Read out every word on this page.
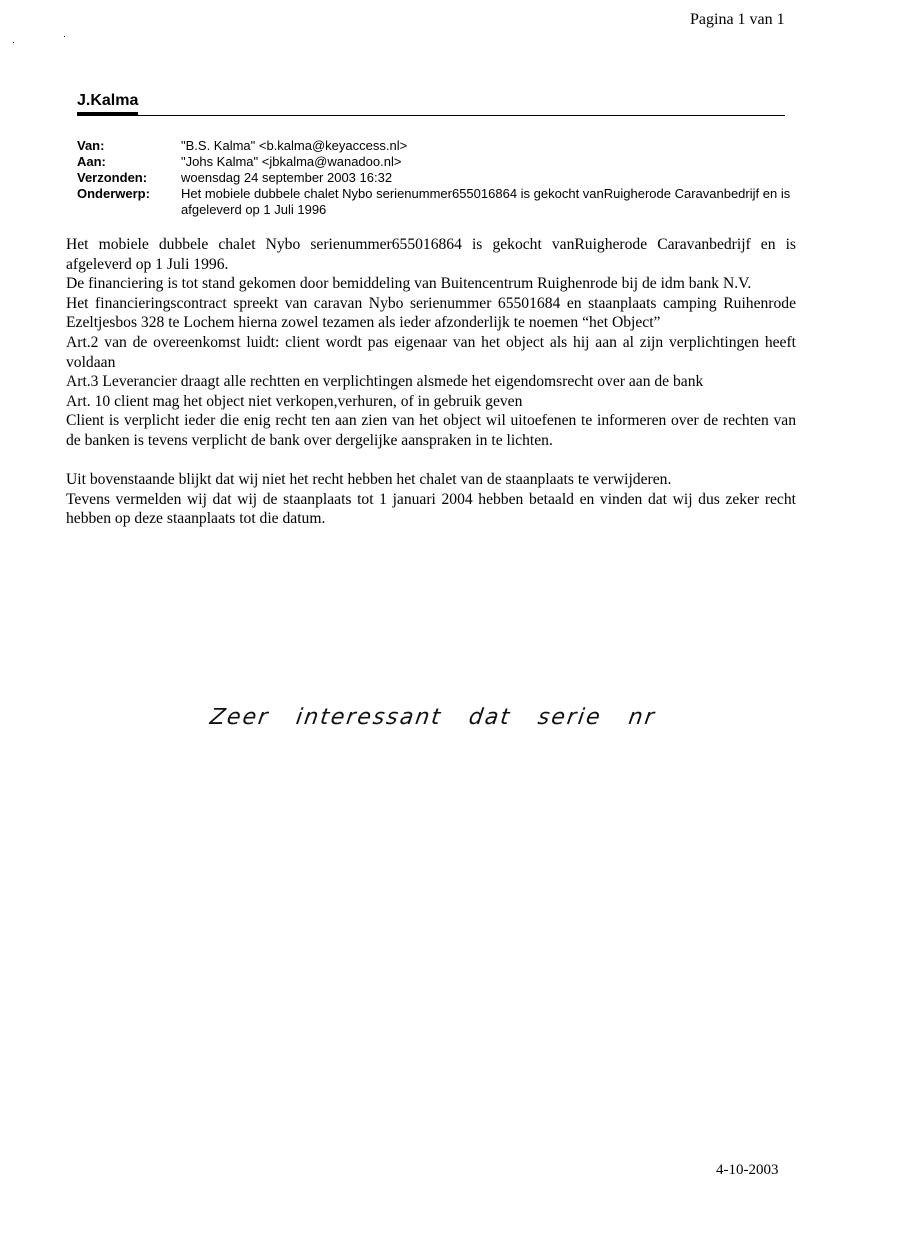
Pagina 1 van 1
J.Kalma
Van:	"B.S. Kalma" <b.kalma@keyaccess.nl>
Aan:	"Johs Kalma" <jbkalma@wanadoo.nl>
Verzonden:	woensdag 24 september 2003 16:32
Onderwerp:	Het mobiele dubbele chalet Nybo serienummer655016864 is gekocht vanRuigherode Caravanbedrijf en is afgeleverd op 1 Juli 1996

Het mobiele dubbele chalet Nybo serienummer655016864 is gekocht vanRuigherode Caravanbedrijf en is afgeleverd op 1 Juli 1996.

De financiering is tot stand gekomen door bemiddeling van Buitencentrum Ruighenrode bij de idm bank N.V.

Het financieringscontract spreekt van caravan Nybo serienummer 65501684 en staanplaats camping Ruihenrode Ezeltjesbos 328 te Lochem hierna zowel tezamen als ieder afzonderlijk te noemen “het Object”

Art.2 van de overeenkomst luidt: client wordt pas eigenaar van het object als hij aan al zijn verplichtingen heeft voldaan

Art.3 Leverancier draagt alle rechtten en verplichtingen alsmede het eigendomsrecht over aan de bank

Art. 10 client mag het object niet verkopen,verhuren, of in gebruik geven

Client is verplicht ieder die enig recht ten aan zien van het object wil uitoefenen te informeren over de rechten van de banken is tevens verplicht de bank over dergelijke aanspraken in te lichten.

Uit bovenstaande blijkt dat wij niet het recht hebben het chalet van de staanplaats te verwijderen.

Tevens vermelden wij dat wij de staanplaats tot 1 januari 2004 hebben betaald en vinden dat wij dus zeker recht hebben op deze staanplaats tot die datum.

Zeer interessant dat serie nr
4-10-2003
